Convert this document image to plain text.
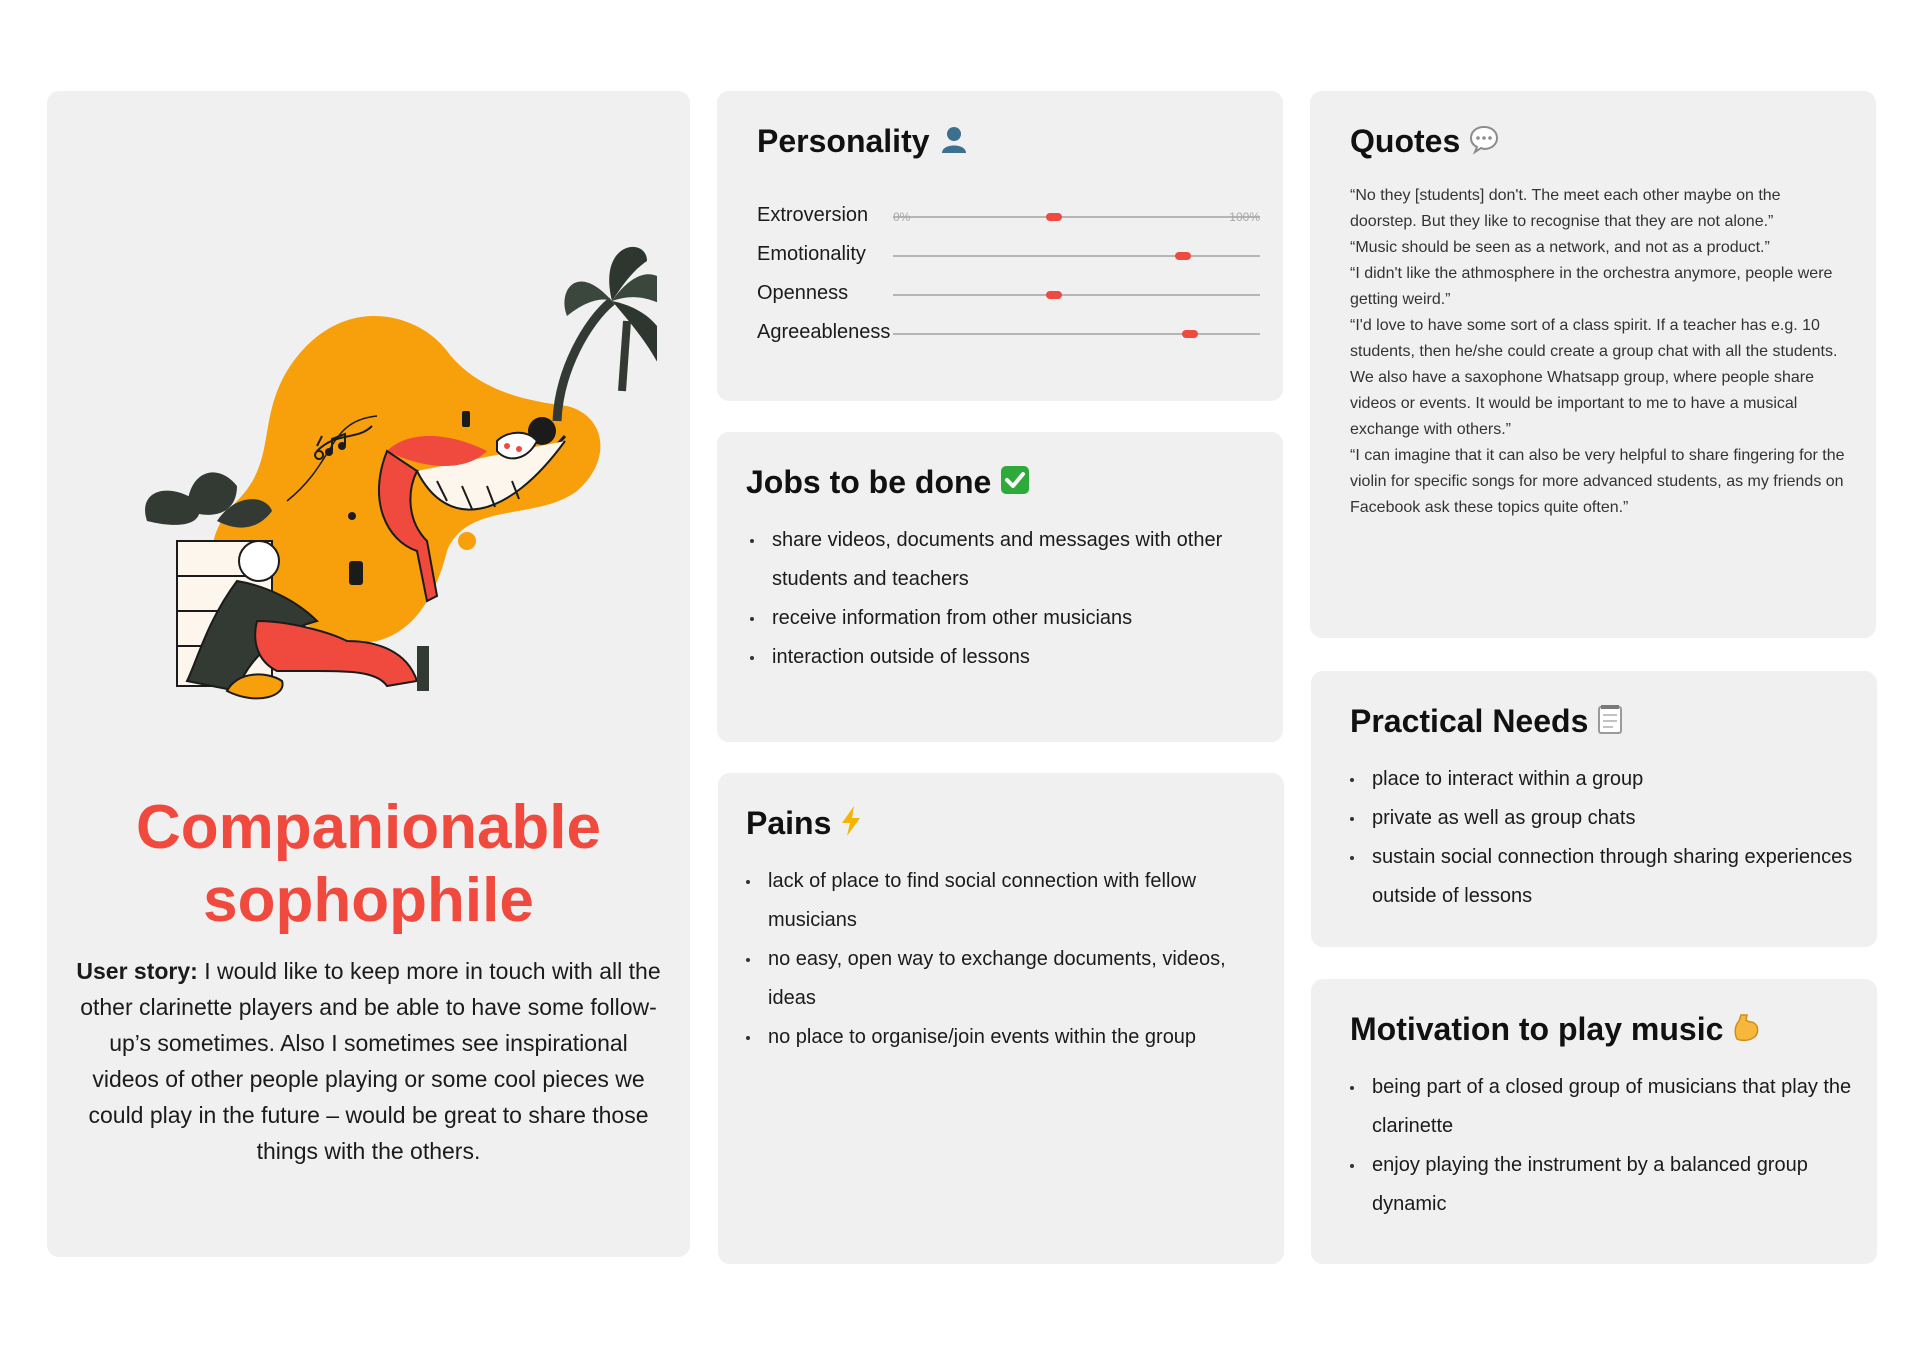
Companionable
sophophile

User story: I would like to keep more in touch with all the other clarinette players and be able to have some follow-up’s sometimes. Also I sometimes see inspirational videos of other people playing or some cool pieces we could play in the future – would be great to share those things with the others.

Personality
Extroversion 0%	100%
Emotionality
Openness
Agreeableness
Jobs to be done
share videos, documents and messages with other students and teachers
receive information from other musicians
interaction outside of lessons
Pains
lack of place to find social connection with fellow musicians
no easy, open way to exchange documents, videos, ideas
no place to organise/join events within the group
Quotes

“No they [students] don't. The meet each other maybe on the doorstep. But they like to recognise that they are not alone.”

“Music should be seen as a network, and not as a product.”

“I didn't like the athmosphere in the orchestra anymore, people were getting weird.”

“I'd love to have some sort of a class spirit. If a teacher has e.g. 10 students, then he/she could create a group chat with all the students. We also have a saxophone Whatsapp group, where people share videos or events. It would be important to me to have a musical exchange with others.”

“I can imagine that it can also be very helpful to share fingering for the violin for specific songs for more advanced students, as my friends on Facebook ask these topics quite often.”

Practical Needs
place to interact within a group
private as well as group chats
sustain social connection through sharing experiences outside of lessons
Motivation to play music
being part of a closed group of musicians that play the clarinette
enjoy playing the instrument by a balanced group dynamic
